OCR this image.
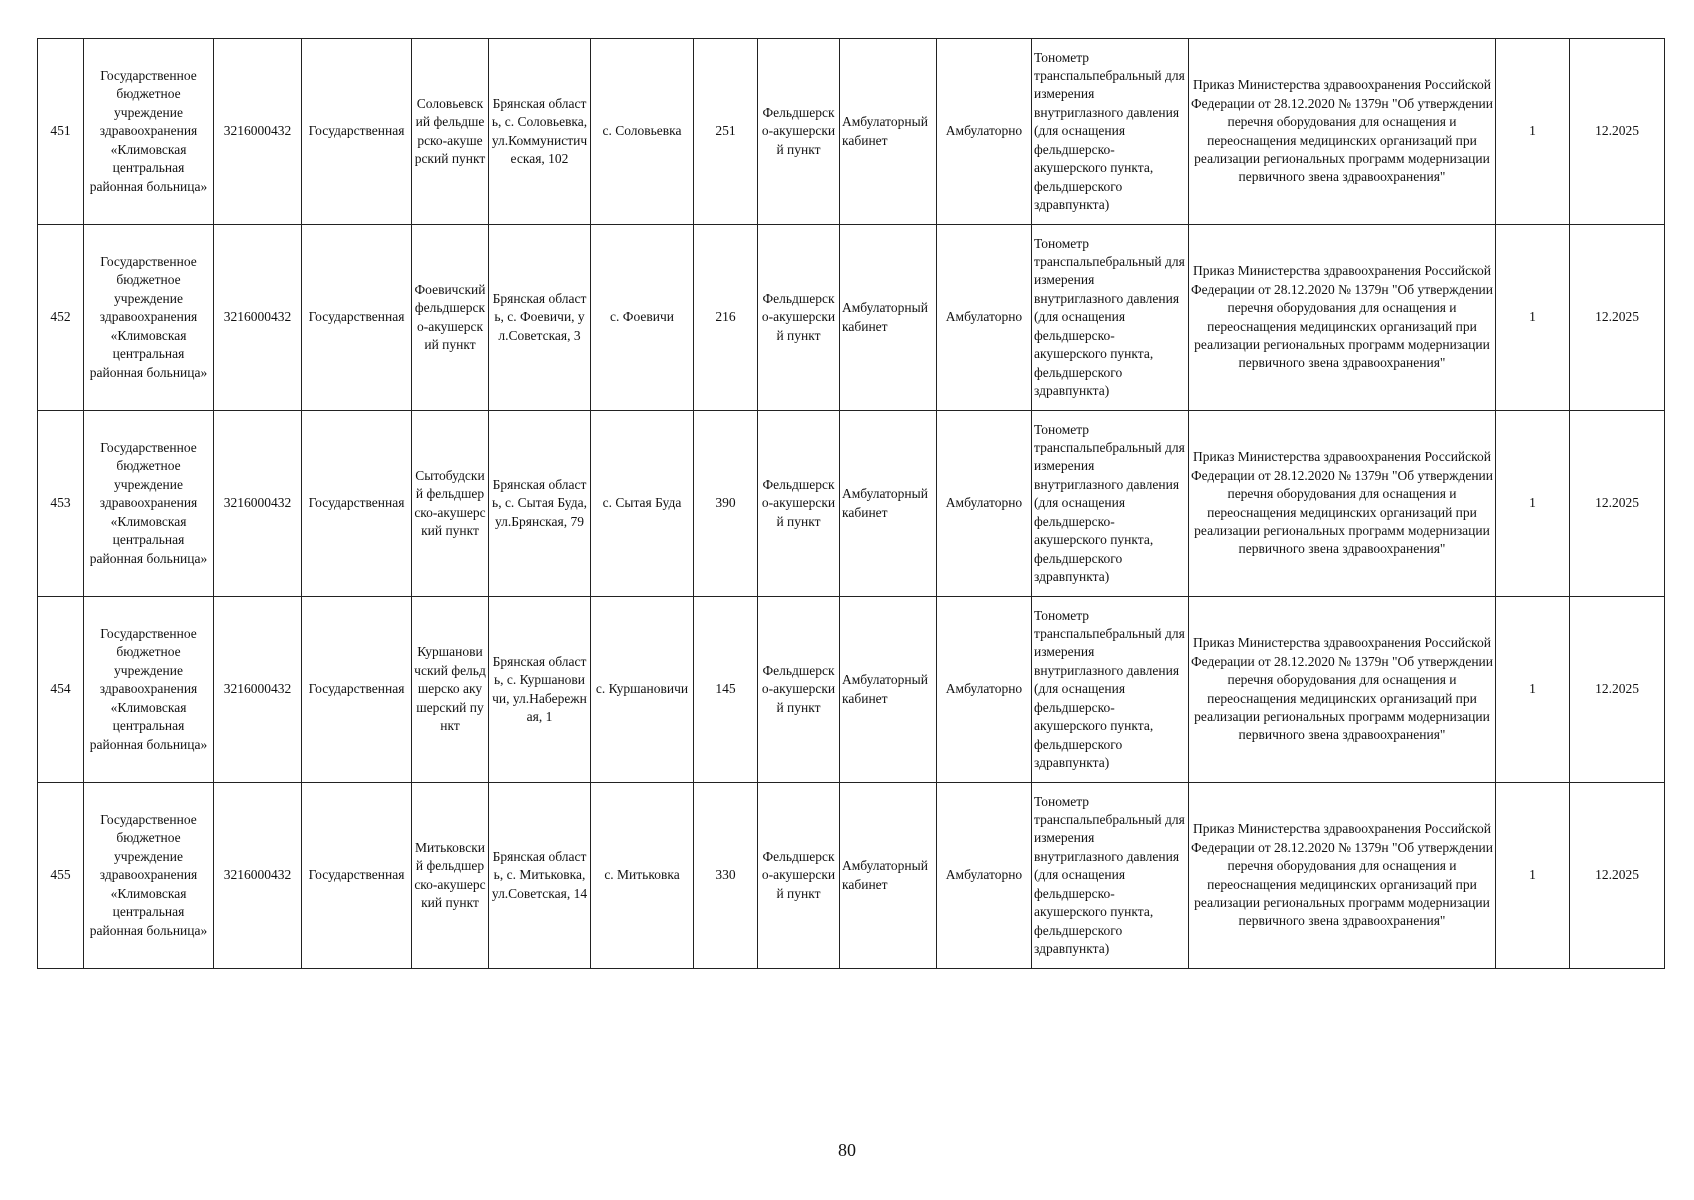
451	Государственное бюджетное учреждение здравоохранения «Климовская центральная районная больница»	3216000432	Государственная	Соловьевский фельдшерско-акушерский пункт	Брянская область, с. Соловьевка, ул.Коммунистическая, 102	с. Соловьевка	251	Фельдшерско-акушерский пункт	Амбулаторный кабинет	Амбулаторно	Тонометр транспальпебральный для измерения внутриглазного давления (для оснащения фельдшерско-акушерского пункта, фельдшерского здравпункта)	Приказ Министерства здравоохранения Российской Федерации от 28.12.2020 № 1379н "Об утверждении перечня оборудования для оснащения и переоснащения медицинских организаций при реализации региональных программ модернизации первичного звена здравоохранения"	1	12.2025
452	Государственное бюджетное учреждение здравоохранения «Климовская центральная районная больница»	3216000432	Государственная	Фоевичский фельдшерско-акушерский пункт	Брянская область, с. Фоевичи, ул.Советская, 3	с. Фоевичи	216	Фельдшерско-акушерский пункт	Амбулаторный кабинет	Амбулаторно	Тонометр транспальпебральный для измерения внутриглазного давления (для оснащения фельдшерско-акушерского пункта, фельдшерского здравпункта)	Приказ Министерства здравоохранения Российской Федерации от 28.12.2020 № 1379н "Об утверждении перечня оборудования для оснащения и переоснащения медицинских организаций при реализации региональных программ модернизации первичного звена здравоохранения"	1	12.2025
453	Государственное бюджетное учреждение здравоохранения «Климовская центральная районная больница»	3216000432	Государственная	Сытобудский фельдшерско-акушерский пункт	Брянская область, с. Сытая Буда, ул.Брянская, 79	с. Сытая Буда	390	Фельдшерско-акушерский пункт	Амбулаторный кабинет	Амбулаторно	Тонометр транспальпебральный для измерения внутриглазного давления (для оснащения фельдшерско-акушерского пункта, фельдшерского здравпункта)	Приказ Министерства здравоохранения Российской Федерации от 28.12.2020 № 1379н "Об утверждении перечня оборудования для оснащения и переоснащения медицинских организаций при реализации региональных программ модернизации первичного звена здравоохранения"	1	12.2025
454	Государственное бюджетное учреждение здравоохранения «Климовская центральная районная больница»	3216000432	Государственная	Куршановичский фельдшерско акушерский пункт	Брянская область, с. Куршановичи, ул.Набережная, 1	с. Куршановичи	145	Фельдшерско-акушерский пункт	Амбулаторный кабинет	Амбулаторно	Тонометр транспальпебральный для измерения внутриглазного давления (для оснащения фельдшерско-акушерского пункта, фельдшерского здравпункта)	Приказ Министерства здравоохранения Российской Федерации от 28.12.2020 № 1379н "Об утверждении перечня оборудования для оснащения и переоснащения медицинских организаций при реализации региональных программ модернизации первичного звена здравоохранения"	1	12.2025
455	Государственное бюджетное учреждение здравоохранения «Климовская центральная районная больница»	3216000432	Государственная	Митьковский фельдшерско-акушерский пункт	Брянская область, с. Митьковка, ул.Советская, 14	с. Митьковка	330	Фельдшерско-акушерский пункт	Амбулаторный кабинет	Амбулаторно	Тонометр транспальпебральный для измерения внутриглазного давления (для оснащения фельдшерско-акушерского пункта, фельдшерского здравпункта)	Приказ Министерства здравоохранения Российской Федерации от 28.12.2020 № 1379н "Об утверждении перечня оборудования для оснащения и переоснащения медицинских организаций при реализации региональных программ модернизации первичного звена здравоохранения"	1	12.2025
80
